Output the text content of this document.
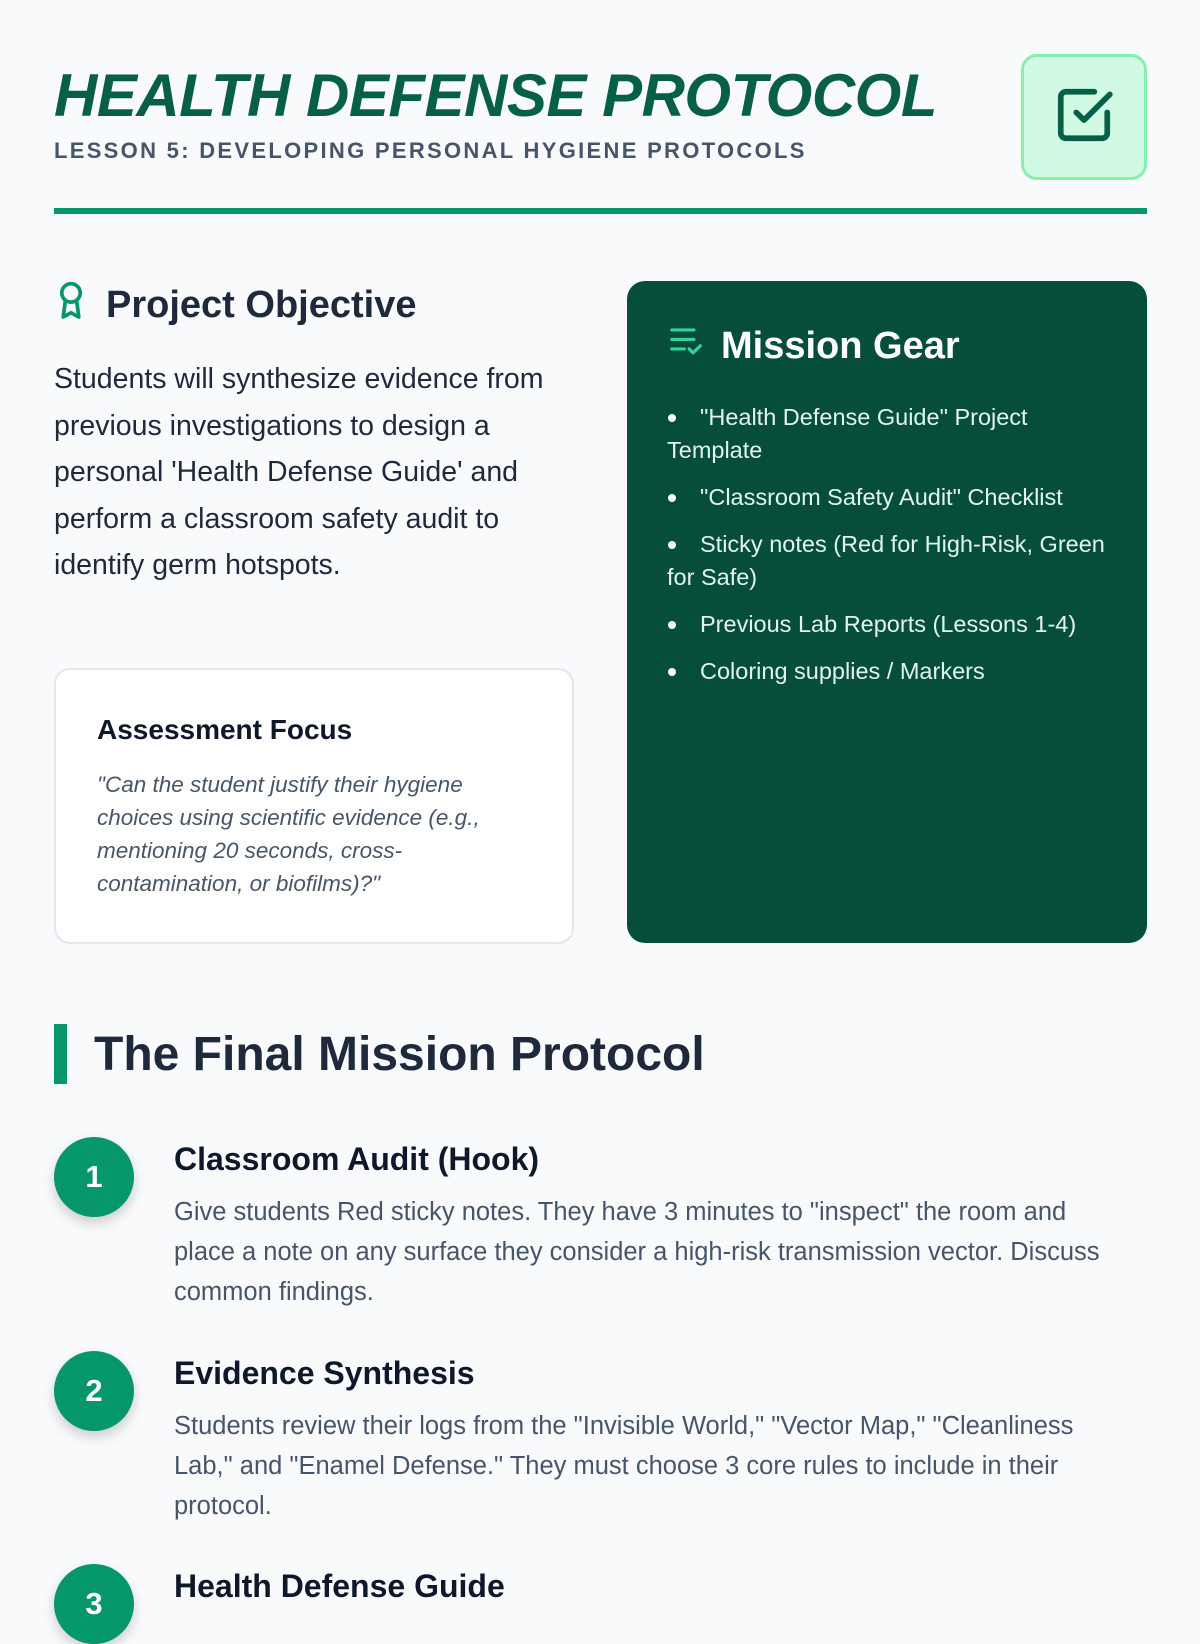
HEALTH DEFENSE PROTOCOL
LESSON 5: DEVELOPING PERSONAL HYGIENE PROTOCOLS
Project Objective

Students will synthesize evidence from previous investigations to design a personal 'Health Defense Guide' and perform a classroom safety audit to identify germ hotspots.

Assessment Focus

"Can the student justify their hygiene choices using scientific evidence (e.g., mentioning 20 seconds, cross-contamination, or biofilms)?"

Mission Gear
"Health Defense Guide" Project Template
"Classroom Safety Audit" Checklist
Sticky notes (Red for High-Risk, Green for Safe)
Previous Lab Reports (Lessons 1-4)
Coloring supplies / Markers
The Final Mission Protocol
1	Classroom Audit (Hook)

Give students Red sticky notes. They have 3 minutes to "inspect" the room and place a note on any surface they consider a high-risk transmission vector. Discuss common findings.

2	Evidence Synthesis

Students review their logs from the "Invisible World," "Vector Map," "Cleanliness Lab," and "Enamel Defense." They must choose 3 core rules to include in their protocol.

3	Health Defense Guide
